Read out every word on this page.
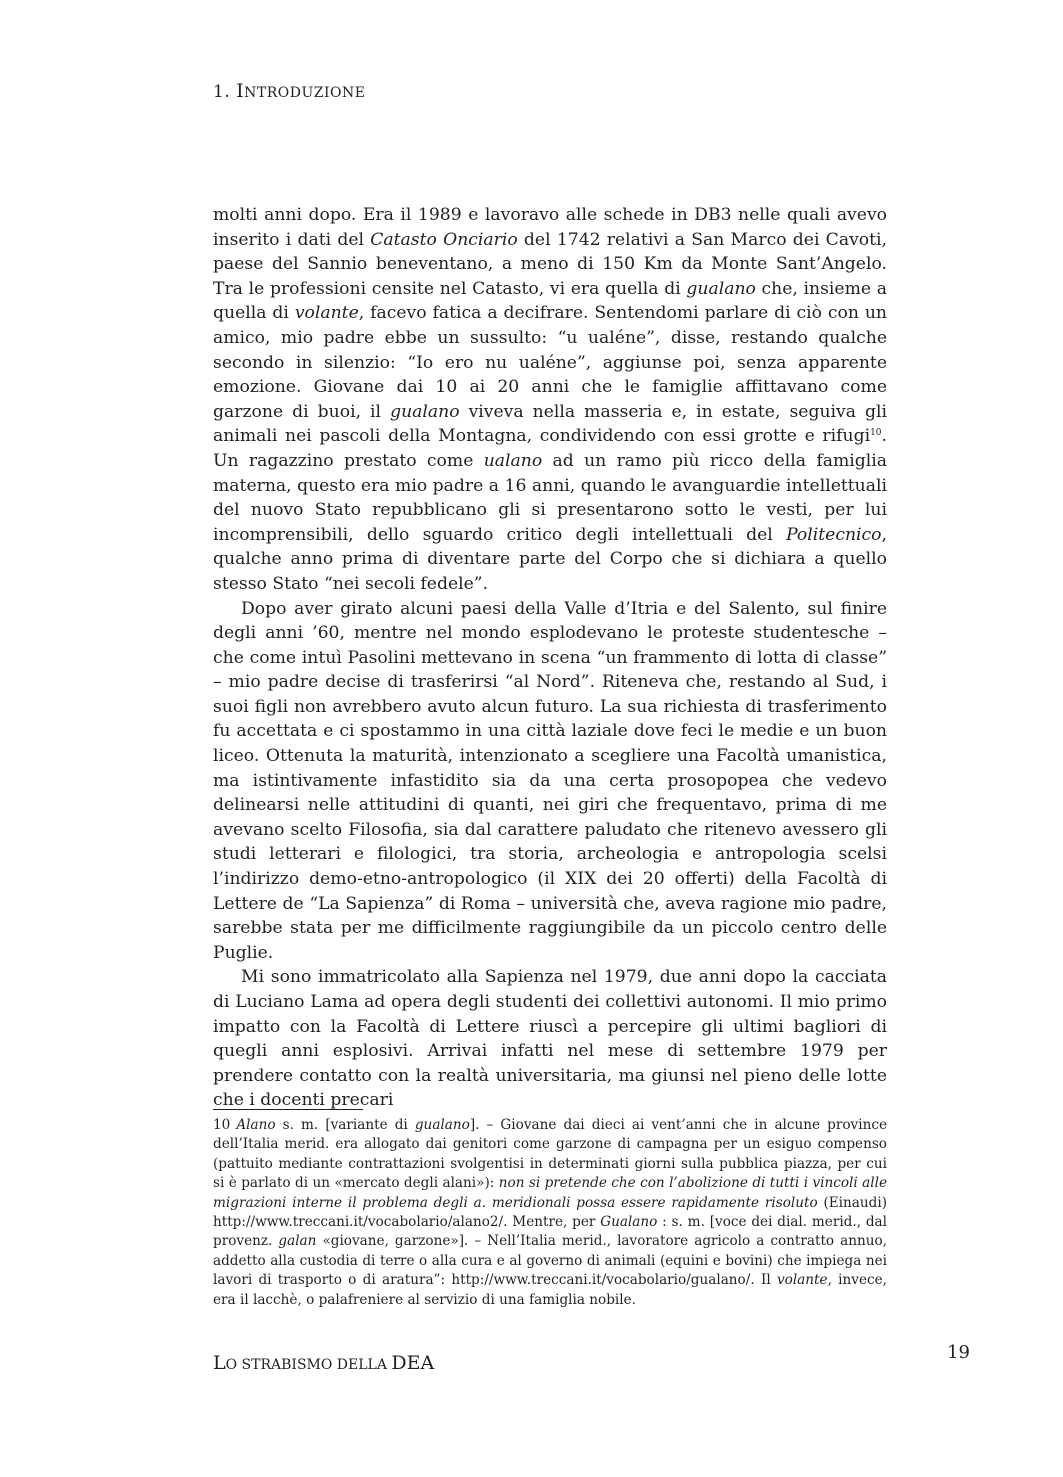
1. INTRODUZIONE

molti anni dopo. Era il 1989 e lavoravo alle schede in DB3 nelle quali avevo inserito i dati del Catasto Onciario del 1742 relativi a San Marco dei Cavoti, paese del Sannio beneventano, a meno di 150 Km da Monte Sant’Angelo. Tra le professioni censite nel Catasto, vi era quella di gualano che, insieme a quella di volante, facevo fatica a decifrare. Sentendomi parlare di ciò con un amico, mio padre ebbe un sussulto: “u ualéne”, disse, restando qualche secondo in silenzio: “Io ero nu ualéne”, aggiunse poi, senza apparente emozione. Giovane dai 10 ai 20 anni che le famiglie affittavano come garzone di buoi, il gualano viveva nella masseria e, in estate, seguiva gli animali nei pascoli della Montagna, condividendo con essi grotte e rifugi$^{10}$. Un ragazzino prestato come ualano ad un ramo più ricco della famiglia materna, questo era mio padre a 16 anni, quando le avanguardie intellettuali del nuovo Stato repubblicano gli si presentarono sotto le vesti, per lui incomprensibili, dello sguardo critico degli intellettuali del Politecnico, qualche anno prima di diventare parte del Corpo che si dichiara a quello stesso Stato “nei secoli fedele”.

Dopo aver girato alcuni paesi della Valle d’Itria e del Salento, sul finire degli anni ’60, mentre nel mondo esplodevano le proteste studentesche – che come intuì Pasolini mettevano in scena “un frammento di lotta di classe” – mio padre decise di trasferirsi “al Nord”. Riteneva che, restando al Sud, i suoi figli non avrebbero avuto alcun futuro. La sua richiesta di trasferimento fu accettata e ci spostammo in una città laziale dove feci le medie e un buon liceo. Ottenuta la maturità, intenzionato a scegliere una Facoltà umanistica, ma istintivamente infastidito sia da una certa prosopopea che vedevo delinearsi nelle attitudini di quanti, nei giri che frequentavo, prima di me avevano scelto Filosofia, sia dal carattere paludato che ritenevo avessero gli studi letterari e filologici, tra storia, archeologia e antropologia scelsi l’indirizzo demo-etno-antropologico (il XIX dei 20 offerti) della Facoltà di Lettere de “La Sapienza” di Roma – università che, aveva ragione mio padre, sarebbe stata per me difficilmente raggiungibile da un piccolo centro delle Puglie.

Mi sono immatricolato alla Sapienza nel 1979, due anni dopo la cacciata di Luciano Lama ad opera degli studenti dei collettivi autonomi. Il mio primo impatto con la Facoltà di Lettere riuscì a percepire gli ultimi bagliori di quegli anni esplosivi. Arrivai infatti nel mese di settembre 1979 per prendere contatto con la realtà universitaria, ma giunsi nel pieno delle lotte che i docenti precari

10 Alano s. m. [variante di gualano]. – Giovane dai dieci ai vent’anni che in alcune province dell’Italia merid. era allogato dai genitori come garzone di campagna per un esiguo compenso (pattuito mediante contrattazioni svolgentisi in determinati giorni sulla pubblica piazza, per cui si è parlato di un «mercato degli alani»): non si pretende che con l’abolizione di tutti i vincoli alle migrazioni interne il problema degli a. meridionali possa essere rapidamente risoluto (Einaudi) http://www.treccani.it/vocabolario/alano2/. Mentre, per Gualano : s. m. [voce dei dial. merid., dal provenz. galan «giovane, garzone»]. – Nell’Italia merid., lavoratore agricolo a contratto annuo, addetto alla custodia di terre o alla cura e al governo di animali (equini e bovini) che impiega nei lavori di trasporto o di aratura”: http://www.treccani.it/vocabolario/gualano/. Il volante, invece, era il lacchè, o palafreniere al servizio di una famiglia nobile.

LO STRABISMO DELLA DEA	19
